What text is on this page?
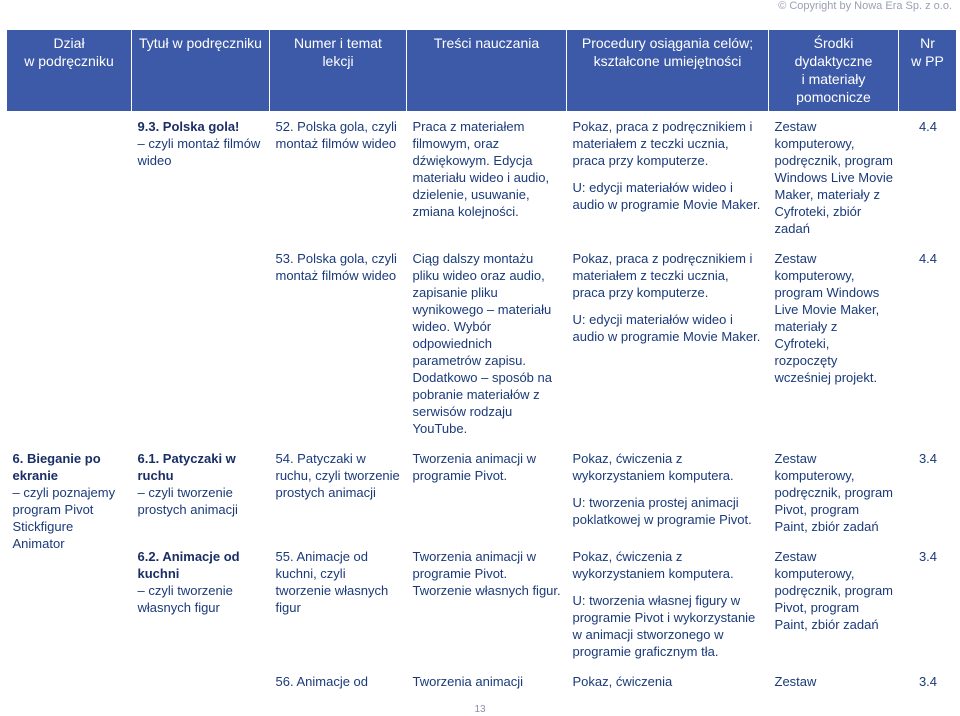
© Copyright by Nowa Era Sp. z o.o.
Dział
w podręczniku	Tytuł w podręczniku	Numer i temat
lekcji	Treści nauczania	Procedury osiągania celów;
kształcone umiejętności	Środki dydaktyczne
i materiały
pomocnicze	Nr
w PP

	9.3. Polska gola!
– czyli montaż filmów wideo	52. Polska gola, czyli montaż filmów wideo	Praca z materiałem filmowym, oraz dźwiękowym. Edycja materiału wideo i audio, dzielenie, usuwanie, zmiana kolejności.	Pokaz, praca z podręcznikiem i materiałem z teczki ucznia, praca przy komputerze.
U: edycji materiałów wideo i audio w programie Movie Maker.	Zestaw komputerowy, podręcznik, program Windows Live Movie Maker, materiały z Cyfroteki, zbiór zadań	4.4
		53. Polska gola, czyli montaż filmów wideo	Ciąg dalszy montażu pliku wideo oraz audio, zapisanie pliku wynikowego – materiału wideo. Wybór odpowiednich parametrów zapisu. Dodatkowo – sposób na pobranie materiałów z serwisów rodzaju YouTube.	Pokaz, praca z podręcznikiem i materiałem z teczki ucznia, praca przy komputerze.
U: edycji materiałów wideo i audio w programie Movie Maker.	Zestaw komputerowy, program Windows Live Movie Maker, materiały z Cyfroteki, rozpoczęty wcześniej projekt.	4.4

6. Bieganie po ekranie
– czyli poznajemy program Pivot Stickfigure Animator	6.1. Patyczaki w ruchu
– czyli tworzenie prostych animacji	54. Patyczaki w ruchu, czyli tworzenie prostych animacji	Tworzenia animacji w programie Pivot.	Pokaz, ćwiczenia z wykorzystaniem komputera.
U: tworzenia prostej animacji poklatkowej w programie Pivot.	Zestaw komputerowy, podręcznik, program Pivot, program Paint, zbiór zadań	3.4

	6.2. Animacje od kuchni
– czyli tworzenie własnych figur	55. Animacje od kuchni, czyli tworzenie własnych figur	Tworzenia animacji w programie Pivot. Tworzenie własnych figur.	Pokaz, ćwiczenia z wykorzystaniem komputera.
U: tworzenia własnej figury w programie Pivot i wykorzystanie w animacji stworzonego w programie graficznym tła.	Zestaw komputerowy, podręcznik, program Pivot, program Paint, zbiór zadań	3.4
		56. Animacje od	Tworzenia animacji	Pokaz, ćwiczenia	Zestaw	3.4
13
